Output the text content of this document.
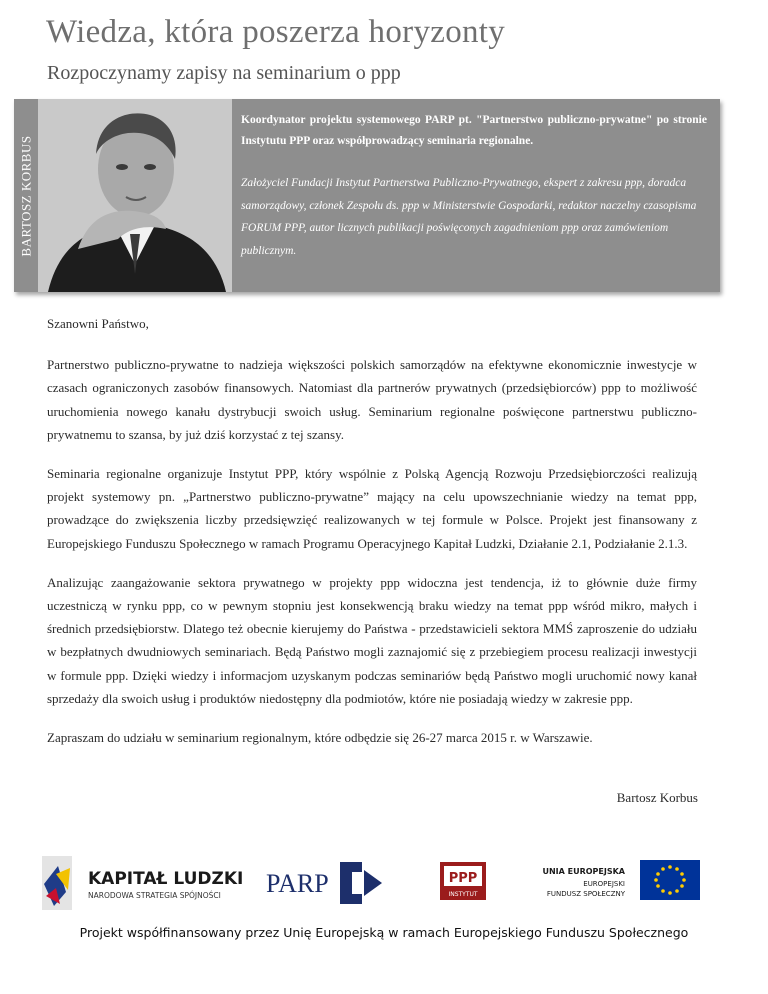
Wiedza, która poszerza horyzonty
Rozpoczynamy zapisy na seminarium o ppp
BARTOSZ KORBUS
Koordynator projektu systemowego PARP pt. "Partnerstwo publiczno-prywatne" po stronie Instytutu PPP oraz współprowadzący seminaria regionalne.
Założyciel Fundacji Instytut Partnerstwa Publiczno-Prywatnego, ekspert z zakresu ppp, doradca samorządowy, członek Zespołu ds. ppp w Ministerstwie Gospodarki, redaktor naczelny czasopisma FORUM PPP, autor licznych publikacji poświęconych zagadnieniom ppp oraz zamówieniom publicznym.

Szanowni Państwo,

Partnerstwo publiczno-prywatne to nadzieja większości polskich samorządów na efektywne ekonomicznie inwestycje w czasach ograniczonych zasobów finansowych. Natomiast dla partnerów prywatnych (przedsiębiorców) ppp to możliwość uruchomienia nowego kanału dystrybucji swoich usług. Seminarium regionalne poświęcone partnerstwu publiczno-prywatnemu to szansa, by już dziś korzystać z tej szansy.

Seminaria regionalne organizuje Instytut PPP, który wspólnie z Polską Agencją Rozwoju Przedsiębiorczości realizują projekt systemowy pn. „Partnerstwo publiczno-prywatne” mający na celu upowszechnianie wiedzy na temat ppp, prowadzące do zwiększenia liczby przedsięwzięć realizowanych w tej formule w Polsce. Projekt jest finansowany z Europejskiego Funduszu Społecznego w ramach Programu Operacyjnego Kapitał Ludzki, Działanie 2.1, Podziałanie 2.1.3.

Analizując zaangażowanie sektora prywatnego w projekty ppp widoczna jest tendencja, iż to głównie duże firmy uczestniczą w rynku ppp, co w pewnym stopniu jest konsekwencją braku wiedzy na temat ppp wśród mikro, małych i średnich przedsiębiorstw. Dlatego też obecnie kierujemy do Państwa - przedstawicieli sektora MMŚ zaproszenie do udziału w bezpłatnych dwudniowych seminariach. Będą Państwo mogli zaznajomić się z przebiegiem procesu realizacji inwestycji w formule ppp. Dzięki wiedzy i informacjom uzyskanym podczas seminariów będą Państwo mogli uruchomić nowy kanał sprzedaży dla swoich usług i produktów niedostępny dla podmiotów, które nie posiadają wiedzy w zakresie ppp.

Zapraszam do udziału w seminarium regionalnym, które odbędzie się 26-27 marca 2015 r. w Warszawie.

Bartosz Korbus
KAPITAŁ LUDZKI
NARODOWA STRATEGIA SPÓJNOŚCI PARP	PPP
INSTYTUT
UNIA EUROPEJSKA
EUROPEJSKI
FUNDUSZ SPOŁECZNY
Projekt współfinansowany przez Unię Europejską w ramach Europejskiego Funduszu Społecznego
